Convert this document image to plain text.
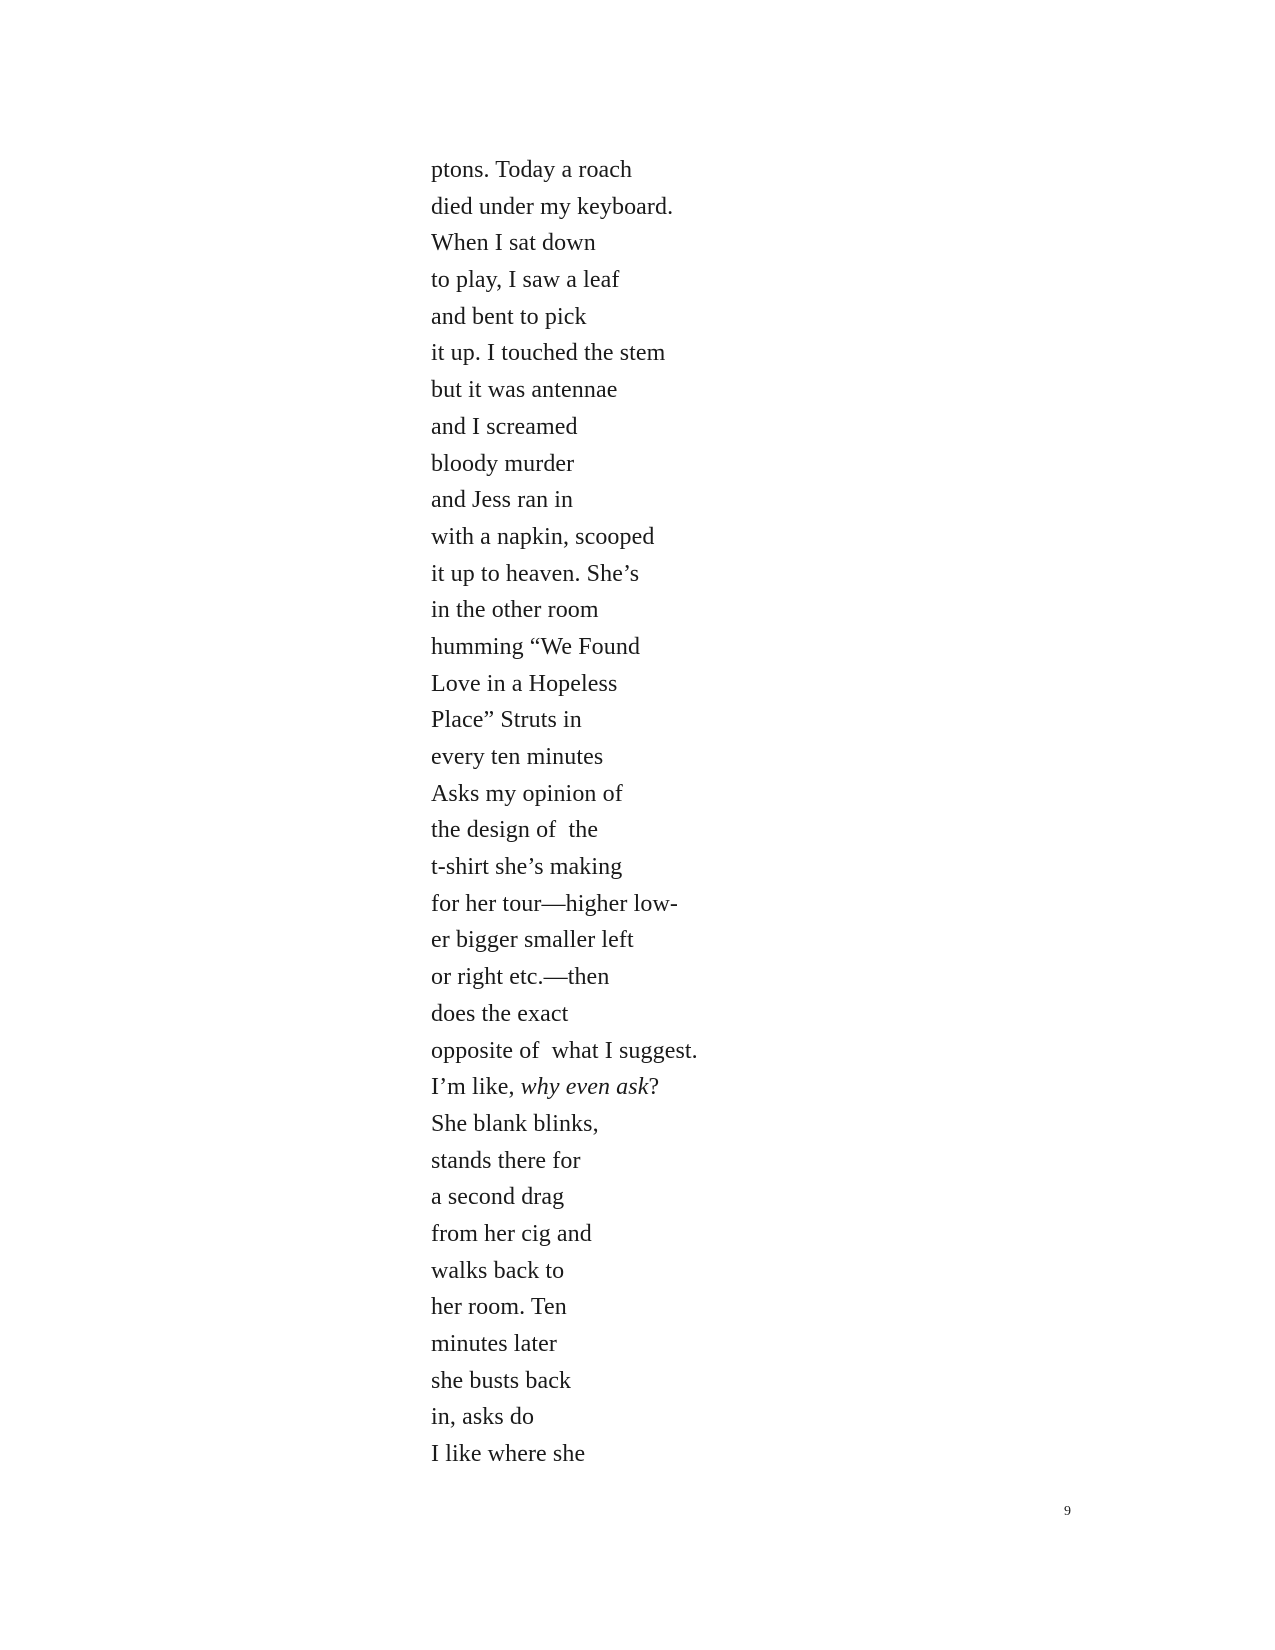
ptons. Today a roach
died under my keyboard.
When I sat down
to play, I saw a leaf
and bent to pick
it up. I touched the stem
but it was antennae
and I screamed
bloody murder
and Jess ran in
with a napkin, scooped
it up to heaven. She’s
in the other room
humming “We Found
Love in a Hopeless
Place” Struts in
every ten minutes
Asks my opinion of
the design of  the
t-shirt she’s making
for her tour—higher low-
er bigger smaller left
or right etc.—then
does the exact
opposite of  what I suggest.
I’m like, why even ask?
She blank blinks,
stands there for
a second drag
from her cig and
walks back to
her room. Ten
minutes later
she busts back
in, asks do
I like where she
9
